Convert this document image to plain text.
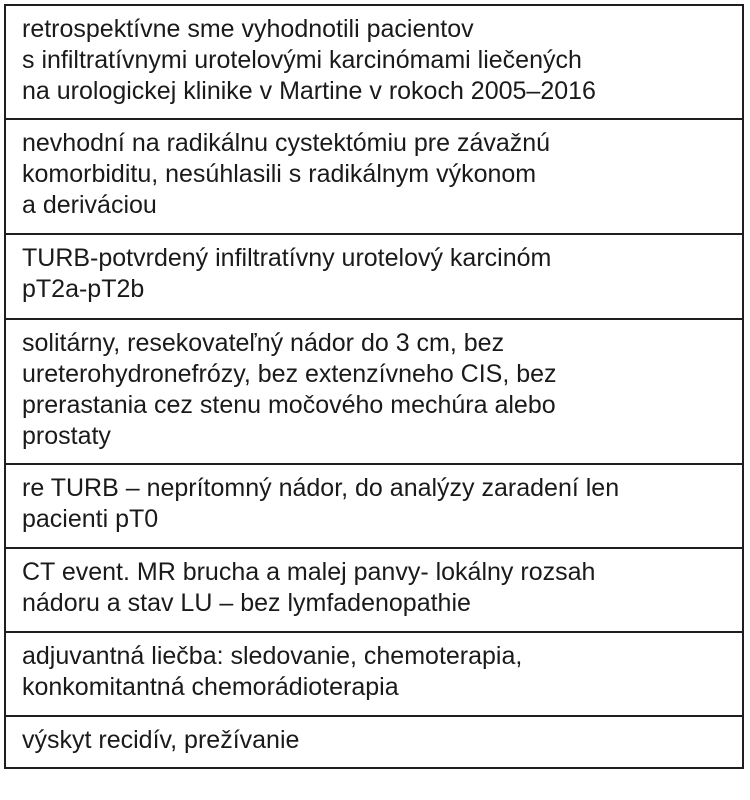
retrospektívne sme vyhodnotili pacientov
s infiltratívnymi urotelovými karcinómami liečených
na urologickej klinike v Martine v rokoch 2005–2016
nevhodní na radikálnu cystektómiu pre závažnú
komorbiditu, nesúhlasili s radikálnym výkonom
a deriváciou
TURB-potvrdený infiltratívny urotelový karcinóm
pT2a-pT2b
solitárny, resekovateľný nádor do 3 cm, bez
ureterohydronefrózy, bez extenzívneho CIS, bez
prerastania cez stenu močového mechúra alebo
prostaty
re TURB – neprítomný nádor, do analýzy zaradení len
pacienti pT0
CT event. MR brucha a malej panvy- lokálny rozsah
nádoru a stav LU – bez lymfadenopathie
adjuvantná liečba: sledovanie, chemoterapia,
konkomitantná chemorádioterapia
výskyt recidív, prežívanie
